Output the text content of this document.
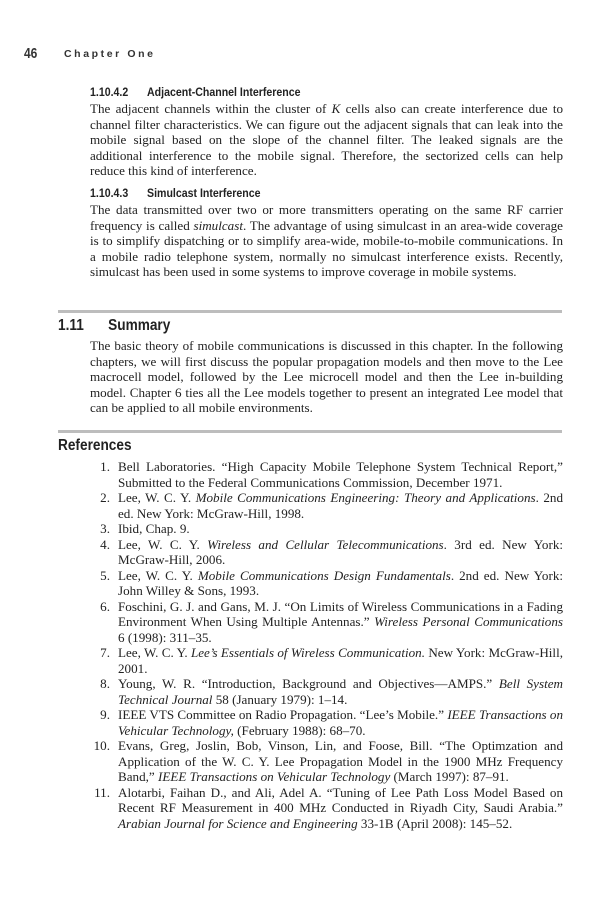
46	Chapter One
1.10.4.2 Adjacent-Channel Interference

The adjacent channels within the cluster of K cells also can create interference due to channel filter characteristics. We can figure out the adjacent signals that can leak into the mobile signal based on the slope of the channel filter. The leaked signals are the additional interference to the mobile signal. Therefore, the sectorized cells can help reduce this kind of interference.

1.10.4.3 Simulcast Interference

The data transmitted over two or more transmitters operating on the same RF carrier frequency is called simulcast. The advantage of using simulcast in an area-wide coverage is to simplify dispatching or to simplify area-wide, mobile-to-mobile communications. In a mobile radio telephone system, normally no simulcast interference exists. Recently, simulcast has been used in some systems to improve coverage in mobile systems.

1.11 Summary

The basic theory of mobile communications is discussed in this chapter. In the following chapters, we will first discuss the popular propagation models and then move to the Lee macrocell model, followed by the Lee microcell model and then the Lee in-building model. Chapter 6 ties all the Lee models together to present an integrated Lee model that can be applied to all mobile environments.

References
1. Bell Laboratories. “High Capacity Mobile Telephone System Technical Report,” Submitted to the Federal Communications Commission, December 1971.
2. Lee, W. C. Y. Mobile Communications Engineering: Theory and Applications. 2nd ed. New York: McGraw-Hill, 1998.
3. Ibid, Chap. 9.
4. Lee, W. C. Y. Wireless and Cellular Telecommunications. 3rd ed. New York: McGraw-Hill, 2006.
5. Lee, W. C. Y. Mobile Communications Design Fundamentals. 2nd ed. New York: John Willey & Sons, 1993.
6. Foschini, G. J. and Gans, M. J. “On Limits of Wireless Communications in a Fading Environment When Using Multiple Antennas.” Wireless Personal Communications 6 (1998): 311–35.
7. Lee, W. C. Y. Lee’s Essentials of Wireless Communication. New York: McGraw-Hill, 2001.
8. Young, W. R. “Introduction, Background and Objectives—AMPS.” Bell System Technical Journal 58 (January 1979): 1–14.
9. IEEE VTS Committee on Radio Propagation. “Lee’s Mobile.” IEEE Transactions on Vehicular Technology, (February 1988): 68–70.
10. Evans, Greg, Joslin, Bob, Vinson, Lin, and Foose, Bill. “The Optimzation and Application of the W. C. Y. Lee Propagation Model in the 1900 MHz Frequency Band,” IEEE Transactions on Vehicular Technology (March 1997): 87–91.
11. Alotarbi, Faihan D., and Ali, Adel A. “Tuning of Lee Path Loss Model Based on Recent RF Measurement in 400 MHz Conducted in Riyadh City, Saudi Arabia.” Arabian Journal for Science and Engineering 33-1B (April 2008): 145–52.
